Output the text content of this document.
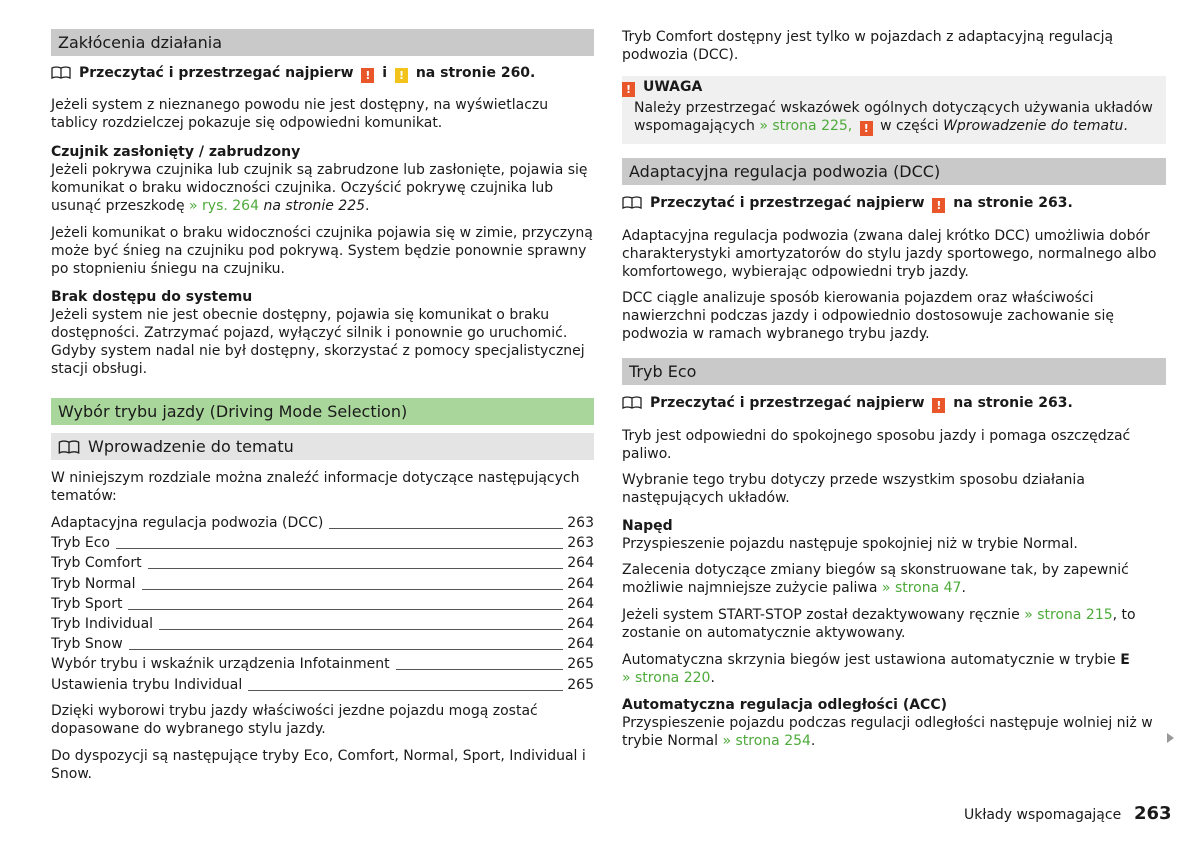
Zakłócenia działania
Przeczytać i przestrzegać najpierw ! i ! na stronie 260.

Jeżeli system z nieznanego powodu nie jest dostępny, na wyświetlaczu tablicy rozdzielczej pokazuje się odpowiedni komunikat.

Czujnik zasłonięty / zabrudzony

Jeżeli pokrywa czujnika lub czujnik są zabrudzone lub zasłonięte, pojawia się komunikat o braku widoczności czujnika. Oczyścić pokrywę czujnika lub usunąć przeszkodę » rys. 264 na stronie 225.

Jeżeli komunikat o braku widoczności czujnika pojawia się w zimie, przyczyną może być śnieg na czujniku pod pokrywą. System będzie ponownie sprawny po stopnieniu śniegu na czujniku.

Brak dostępu do systemu

Jeżeli system nie jest obecnie dostępny, pojawia się komunikat o braku dostępności. Zatrzymać pojazd, wyłączyć silnik i ponownie go uruchomić. Gdyby system nadal nie był dostępny, skorzystać z pomocy specjalistycznej stacji obsługi.

Wybór trybu jazdy (Driving Mode Selection)
Wprowadzenie do tematu

W niniejszym rozdziale można znaleźć informacje dotyczące następujących tematów:

Adaptacyjna regulacja podwozia (DCC)	263
Tryb Eco	263
Tryb Comfort	264
Tryb Normal	264
Tryb Sport	264
Tryb Individual	264
Tryb Snow	264
Wybór trybu i wskaźnik urządzenia Infotainment	265
Ustawienia trybu Individual	265

Dzięki wyborowi trybu jazdy właściwości jezdne pojazdu mogą zostać dopasowane do wybranego stylu jazdy.

Do dyspozycji są następujące tryby Eco, Comfort, Normal, Sport, Individual i Snow.

Tryb Comfort dostępny jest tylko w pojazdach z adaptacyjną regulacją podwozia (DCC).

! UWAGA

Należy przestrzegać wskazówek ogólnych dotyczących używania układów wspomagających » strona 225, ! w części Wprowadzenie do tematu.

Adaptacyjna regulacja podwozia (DCC)
Przeczytać i przestrzegać najpierw ! na stronie 263.

Adaptacyjna regulacja podwozia (zwana dalej krótko DCC) umożliwia dobór charakterystyki amortyzatorów do stylu jazdy sportowego, normalnego albo komfortowego, wybierając odpowiedni tryb jazdy.

DCC ciągle analizuje sposób kierowania pojazdem oraz właściwości nawierzchni podczas jazdy i odpowiednio dostosowuje zachowanie się podwozia w ramach wybranego trybu jazdy.

Tryb Eco
Przeczytać i przestrzegać najpierw ! na stronie 263.

Tryb jest odpowiedni do spokojnego sposobu jazdy i pomaga oszczędzać paliwo.

Wybranie tego trybu dotyczy przede wszystkim sposobu działania następujących układów.

Napęd

Przyspieszenie pojazdu następuje spokojniej niż w trybie Normal.

Zalecenia dotyczące zmiany biegów są skonstruowane tak, by zapewnić możliwie najmniejsze zużycie paliwa » strona 47.

Jeżeli system START-STOP został dezaktywowany ręcznie » strona 215, to zostanie on automatycznie aktywowany.

Automatyczna skrzynia biegów jest ustawiona automatycznie w trybie E
» strona 220.

Automatyczna regulacja odległości (ACC)

Przyspieszenie pojazdu podczas regulacji odległości następuje wolniej niż w trybie Normal » strona 254.

Układy wspomagające 263
